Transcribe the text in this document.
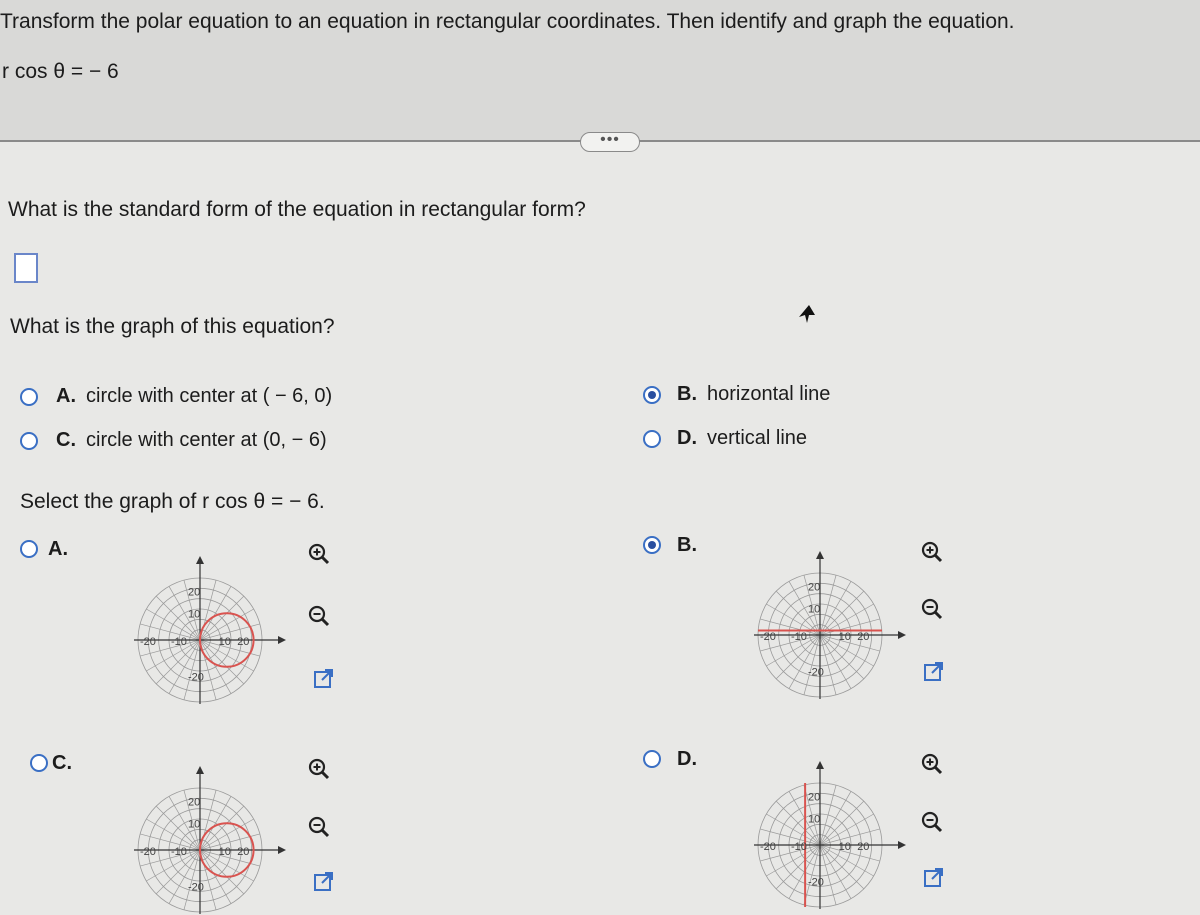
Transform the polar equation to an equation in rectangular coordinates. Then identify and graph the equation.
r cos θ = − 6
•••
What is the standard form of the equation in rectangular form?
What is the graph of this equation?
A. circle with center at ( − 6, 0)
C. circle with center at (0, − 6)
B. horizontal line
D. vertical line
Select the graph of r cos θ = − 6.
A.	B.
C.	D.
20
10
-20 -10	10 20
-20
20
10
-20 -10	10 20
-20
20
10
-20 -10	10 20
-20
20
10
-20 -10	10 20
-20
